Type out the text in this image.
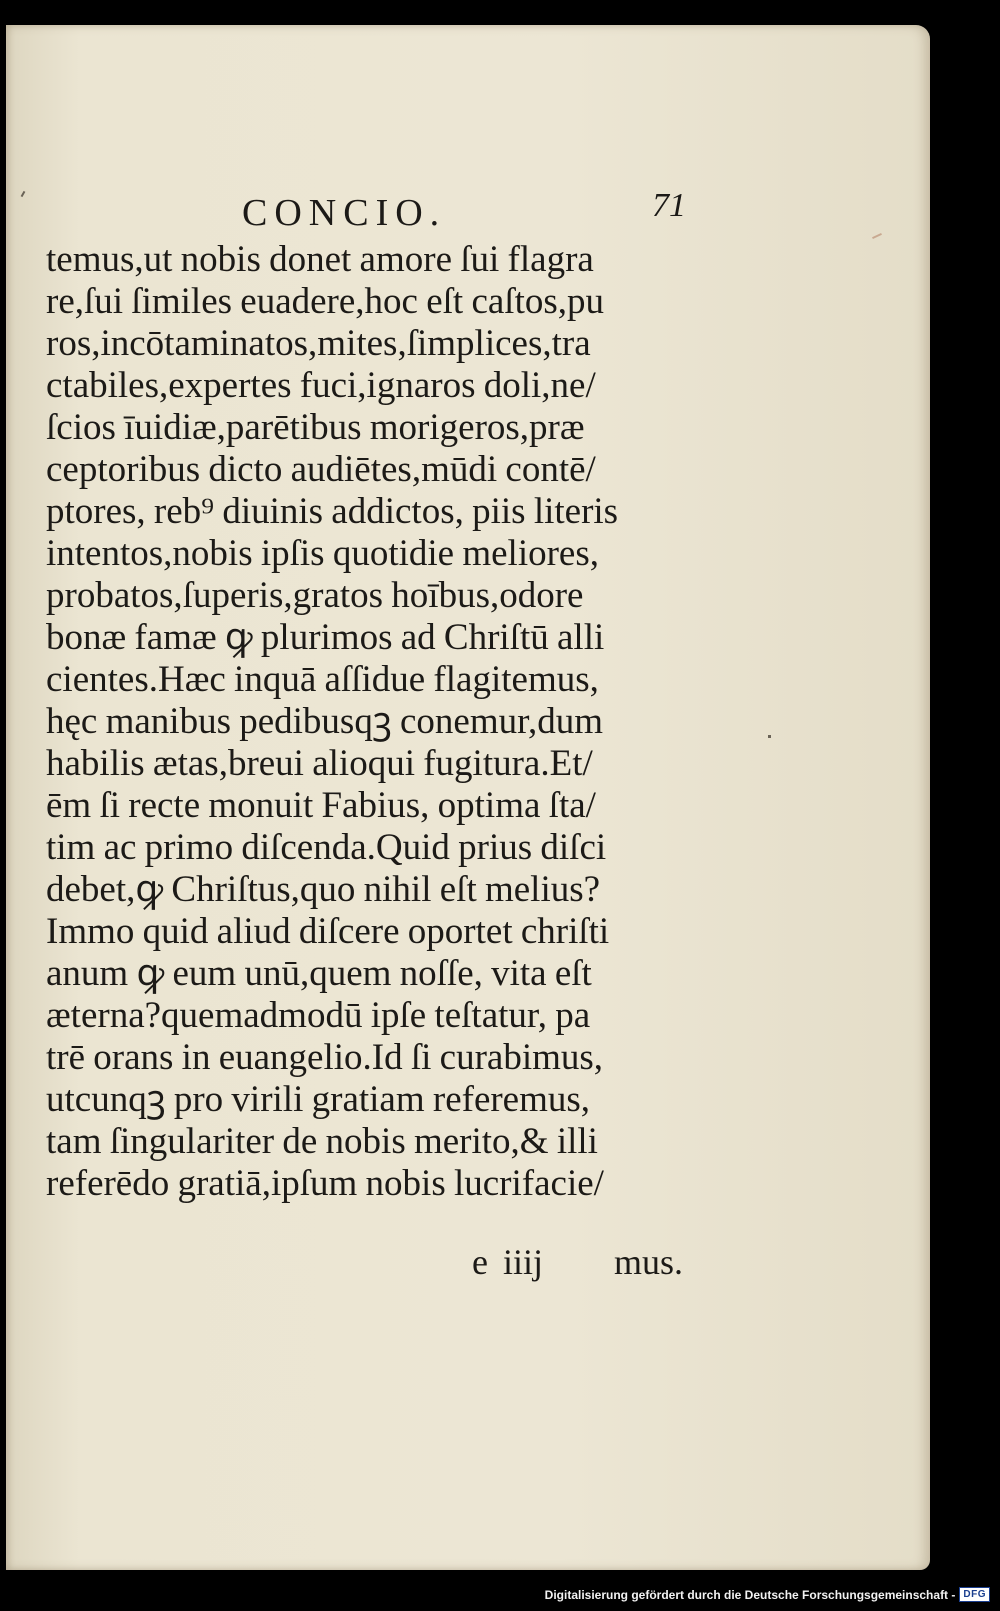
CONCIO.	71
temus,ut nobis donet amore ſui flagra
re,ſui ſimiles euadere,hoc eſt caſtos,pu
ros,incōtaminatos,mites,ſimplices,tra
ctabiles,expertes fuci,ignaros doli,ne/
ſcios īuidiæ,parētibus morigeros,præ
ceptoribus dicto audiētes,mūdi contē/
ptores, reb⁹ diuinis addictos, piis literis
intentos,nobis ipſis quotidie meliores,
probatos,ſuperis,gratos hoībus,odore
bonæ famæ ꝙ plurimos ad Chriſtū alli
cientes.Hæc inquā aſſidue flagitemus,
hęc manibus pedibusqꝫ conemur,dum
habilis ætas,breui alioqui fugitura.Et/
ēm ſi recte monuit Fabius, optima ſta/
tim ac primo diſcenda.Quid prius diſci
debet,ꝙ Chriſtus,quo nihil eſt melius?
Immo quid aliud diſcere oportet chriſti
anum ꝙ eum unū,quem noſſe, vita eſt
æterna?quemadmodū ipſe teſtatur, pa
trē orans in euangelio.Id ſi curabimus,
utcunqꝫ pro virili gratiam referemus,
tam ſingulariter de nobis merito,& illi
referēdo gratiā,ipſum nobis lucrifacie/
e iiij mus.
Digitalisierung gefördert durch die Deutsche Forschungsgemeinschaft - DFG
